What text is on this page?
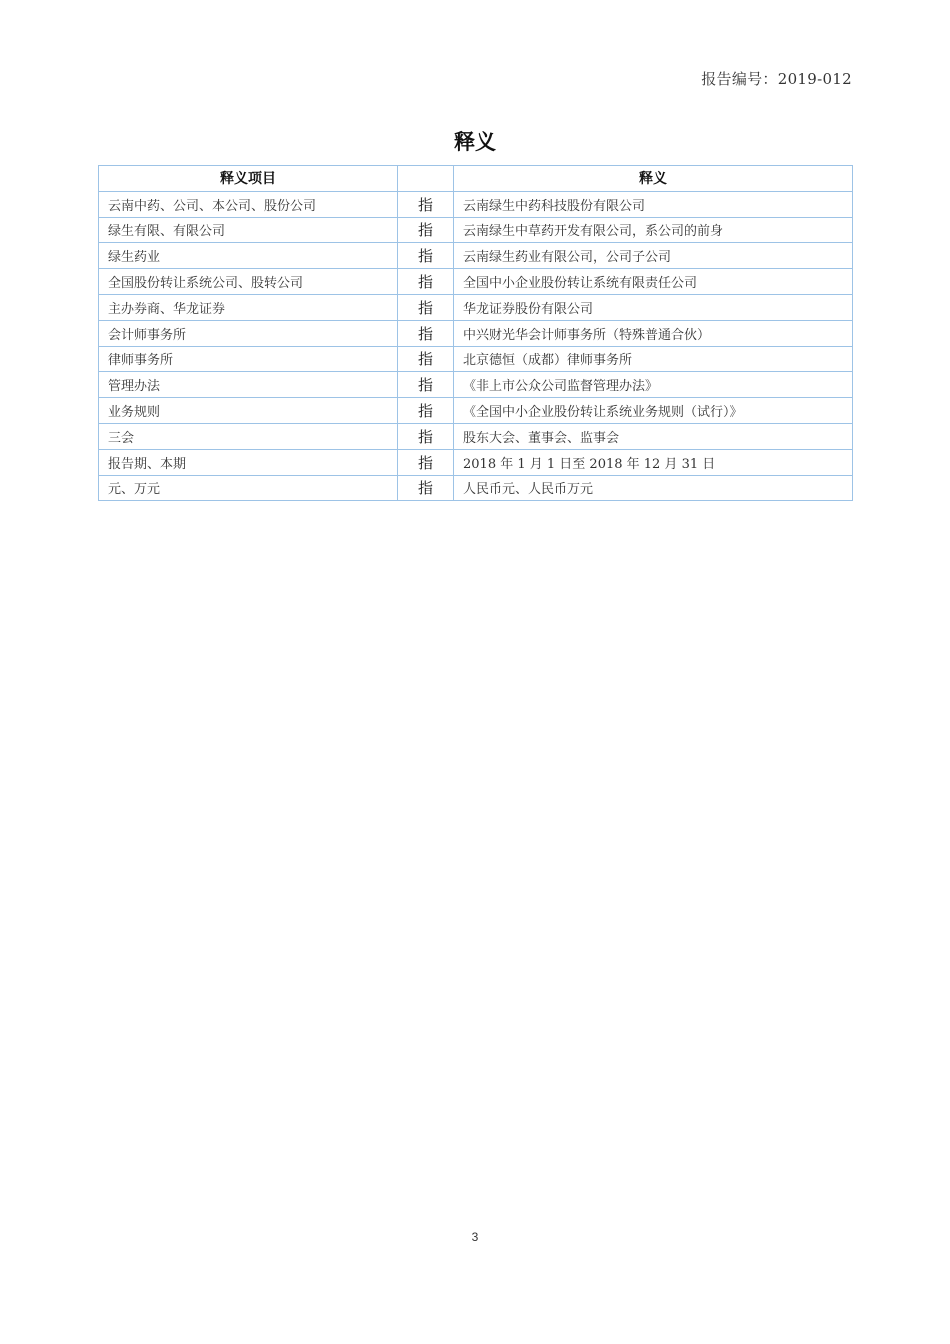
报告编号：2019-012
释义
释义项目		释义
云南中药、公司、本公司、股份公司	指	云南绿生中药科技股份有限公司
绿生有限、有限公司	指	云南绿生中草药开发有限公司，系公司的前身
绿生药业	指	云南绿生药业有限公司，公司子公司
全国股份转让系统公司、股转公司	指	全国中小企业股份转让系统有限责任公司
主办券商、华龙证券	指	华龙证券股份有限公司
会计师事务所	指	中兴财光华会计师事务所（特殊普通合伙）
律师事务所	指	北京德恒（成都）律师事务所
管理办法	指	《非上市公众公司监督管理办法》
业务规则	指	《全国中小企业股份转让系统业务规则（试行）》
三会	指	股东大会、董事会、监事会
报告期、本期	指	2018 年 1 月 1 日至 2018 年 12 月 31 日
元、万元	指	人民币元、人民币万元
3
